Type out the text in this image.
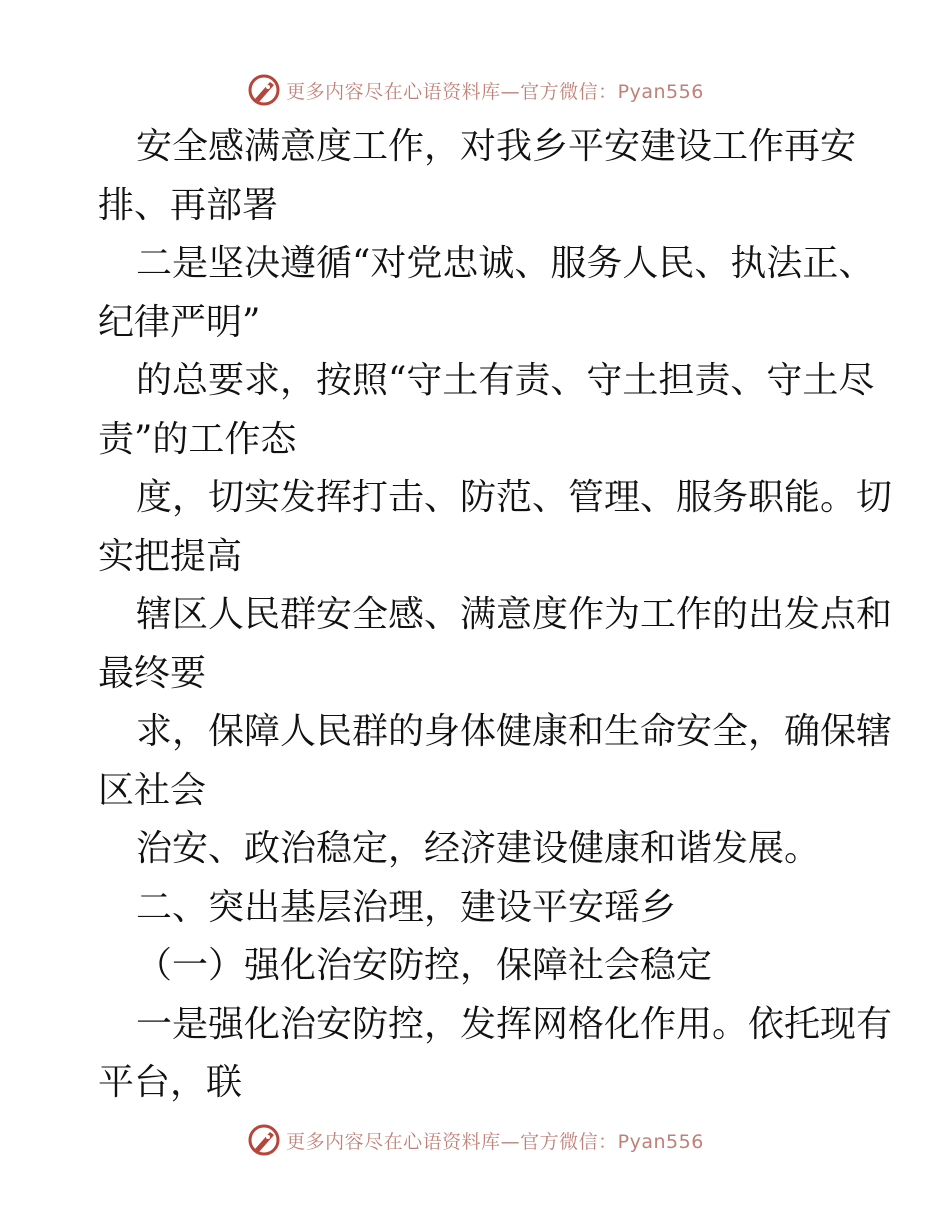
更多内容尽在心语资料库—官方微信：Pyan556
安全感满意度工作，对我乡平安建设工作再安
排、再部署
二是坚决遵循“对党忠诚、服务人民、执法正、
纪律严明”
的总要求，按照“守土有责、守土担责、守土尽
责”的工作态
度，切实发挥打击、防范、管理、服务职能。切
实把提高
辖区人民群安全感、满意度作为工作的出发点和
最终要
求，保障人民群的身体健康和生命安全，确保辖
区社会
治安、政治稳定，经济建设健康和谐发展。
二、突出基层治理，建设平安瑶乡
（一）强化治安防控，保障社会稳定
一是强化治安防控，发挥网格化作用。依托现有
平台，联
更多内容尽在心语资料库—官方微信：Pyan556
